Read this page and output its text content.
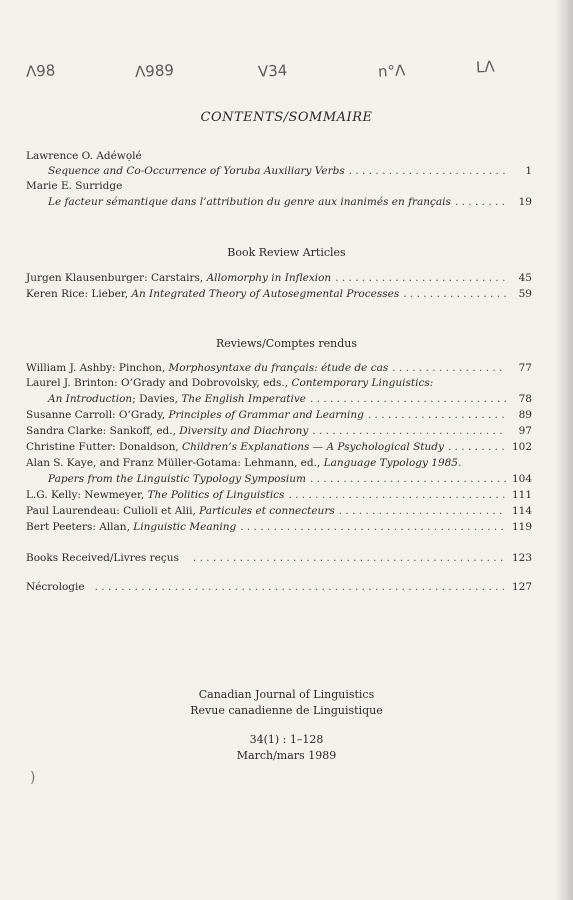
Λ98	Λ989	V34	n°Λ	LΛ
CONTENTS/SOMMAIRE
Lawrence O. Adéwọlé
Sequence and Co-Occurrence of Yoruba Auxiliary Verbs . . .	1
Marie E. Surridge
Le facteur sémantique dans l’attribution du genre aux inanimés en français . . .	19
Book Review Articles
Jurgen Klausenburger: Carstairs, Allomorphy in Inflexion . . .	45
Keren Rice: Lieber, An Integrated Theory of Autosegmental Processes . . .	59
Reviews/Comptes rendus
William J. Ashby: Pinchon, Morphosyntaxe du français: étude de cas . . .	77
Laurel J. Brinton: O’Grady and Dobrovolsky, eds., Contemporary Linguistics:
An Introduction; Davies, The English Imperative . . .	78
Susanne Carroll: O’Grady, Principles of Grammar and Learning . . .	89
Sandra Clarke: Sankoff, ed., Diversity and Diachrony . . .	97
Christine Futter: Donaldson, Children’s Explanations — A Psychological Study . . .	102
Alan S. Kaye, and Franz Müller-Gotama: Lehmann, ed., Language Typology 1985.
Papers from the Linguistic Typology Symposium . . .	104
L.G. Kelly: Newmeyer, The Politics of Linguistics . . .	111
Paul Laurendeau: Culioli et Alii, Particules et connecteurs . . .	114
Bert Peeters: Allan, Linguistic Meaning . . .	119
Books Received/Livres reçus . . .	123
Nécrologie . . .	127
Canadian Journal of Linguistics
Revue canadienne de Linguistique
34(1) : 1–128
March/mars 1989
)
